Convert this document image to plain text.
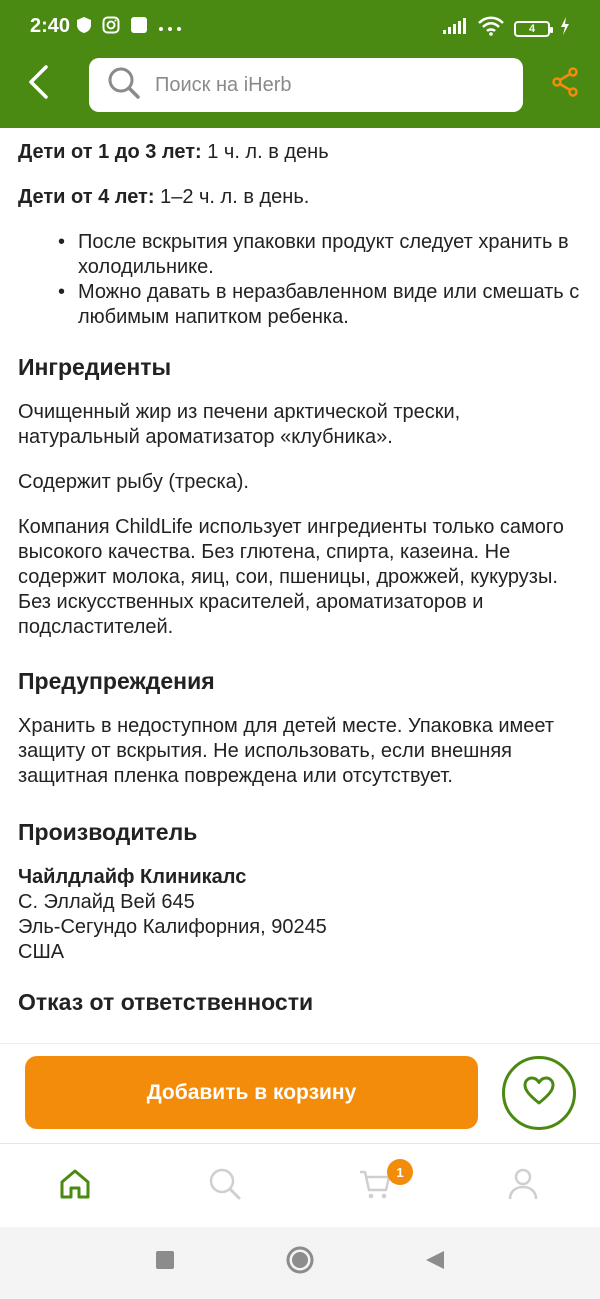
2:40	4
Поиск на iHerb

Дети от 1 до 3 лет: 1 ч. л. в день

Дети от 4 лет: 1–2 ч. л. в день.

• После вскрытия упаковки продукт следует хранить в холодильнике.
• Можно давать в неразбавленном виде или смешать с любимым напитком ребенка.
Ингредиенты

Очищенный жир из печени арктической трески, натуральный ароматизатор «клубника».

Содержит рыбу (треска).

Компания ChildLife использует ингредиенты только самого высокого качества. Без глютена, спирта, казеина. Не содержит молока, яиц, сои, пшеницы, дрожжей, кукурузы. Без искусственных красителей, ароматизаторов и подсластителей.

Предупреждения

Хранить в недоступном для детей месте. Упаковка имеет защиту от вскрытия. Не использовать, если внешняя защитная пленка повреждена или отсутствует.

Производитель

Чайлдлайф Клиникалс
С. Эллайд Вей 645
Эль-Сегундо Калифорния, 90245
США

Отказ от ответственности
Добавить в корзину
1
